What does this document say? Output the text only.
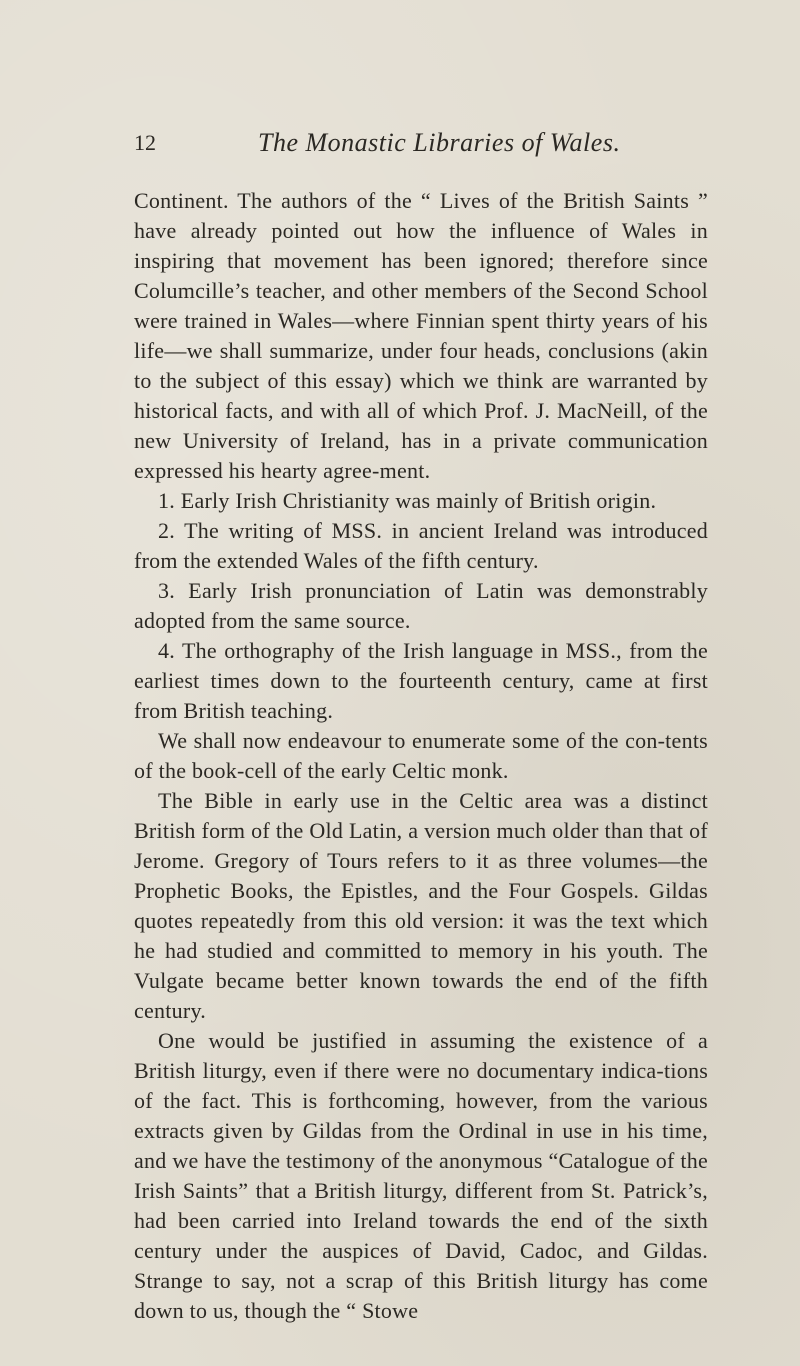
12	The Monastic Libraries of Wales.

Continent. The authors of the “ Lives of the British Saints ” have already pointed out how the influence of Wales in inspiring that movement has been ignored; therefore since Columcille’s teacher, and other members of the Second School were trained in Wales—where Finnian spent thirty years of his life—we shall summarize, under four heads, conclusions (akin to the subject of this essay) which we think are warranted by historical facts, and with all of which Prof. J. MacNeill, of the new University of Ireland, has in a private communication expressed his hearty agree-ment.

1. Early Irish Christianity was mainly of British origin.

2. The writing of MSS. in ancient Ireland was introduced from the extended Wales of the fifth century.

3. Early Irish pronunciation of Latin was demonstrably adopted from the same source.

4. The orthography of the Irish language in MSS., from the earliest times down to the fourteenth century, came at first from British teaching.

We shall now endeavour to enumerate some of the con-tents of the book-cell of the early Celtic monk.

The Bible in early use in the Celtic area was a distinct British form of the Old Latin, a version much older than that of Jerome. Gregory of Tours refers to it as three volumes—the Prophetic Books, the Epistles, and the Four Gospels. Gildas quotes repeatedly from this old version: it was the text which he had studied and committed to memory in his youth. The Vulgate became better known towards the end of the fifth century.

One would be justified in assuming the existence of a British liturgy, even if there were no documentary indica-tions of the fact. This is forthcoming, however, from the various extracts given by Gildas from the Ordinal in use in his time, and we have the testimony of the anonymous “Catalogue of the Irish Saints” that a British liturgy, different from St. Patrick’s, had been carried into Ireland towards the end of the sixth century under the auspices of David, Cadoc, and Gildas. Strange to say, not a scrap of this British liturgy has come down to us, though the “ Stowe
